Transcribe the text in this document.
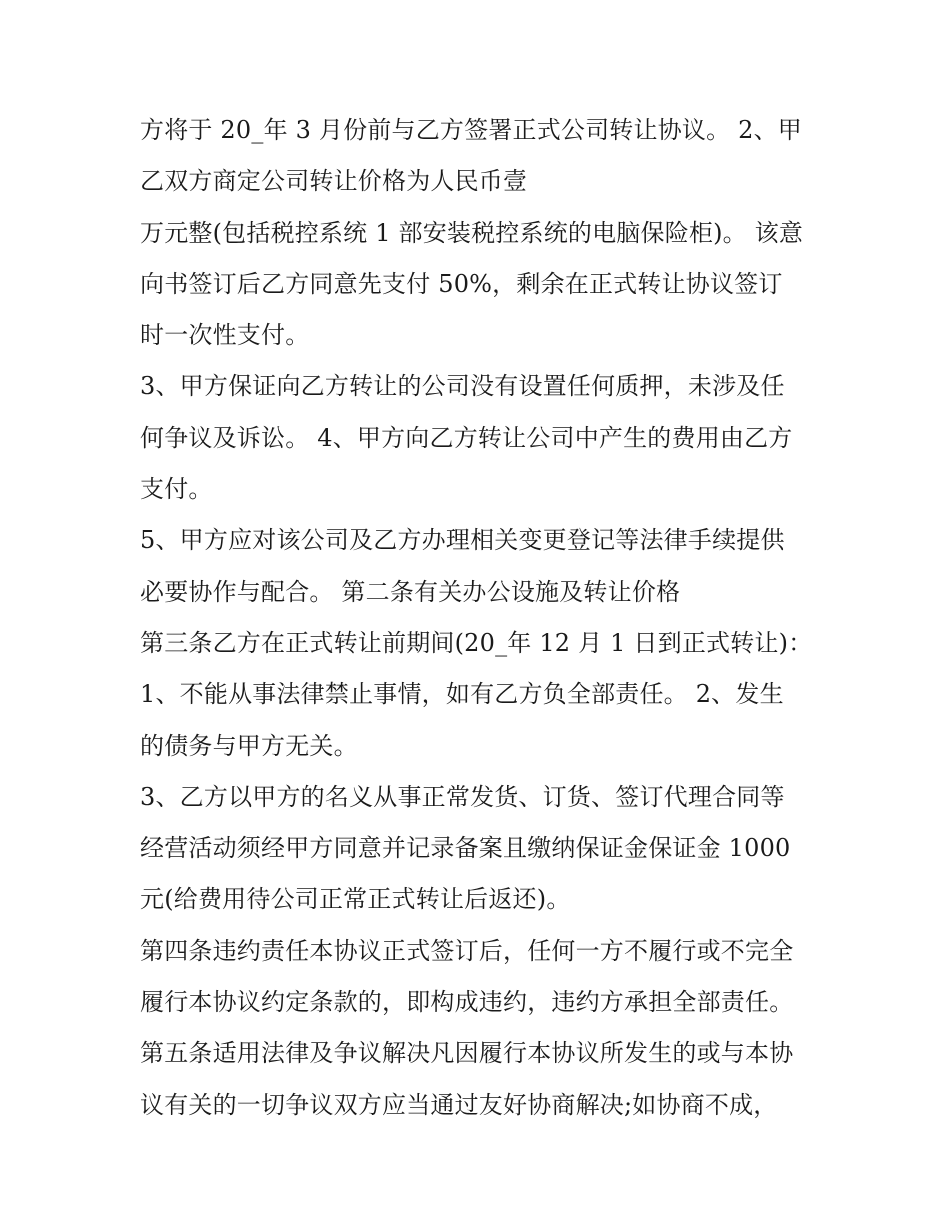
方将于 20_年 3 月份前与乙方签署正式公司转让协议。 2、甲
乙双方商定公司转让价格为人民币壹
万元整(包括税控系统 1 部安装税控系统的电脑保险柜)。 该意
向书签订后乙方同意先支付 50%，剩余在正式转让协议签订
时一次性支付。
3、甲方保证向乙方转让的公司没有设置任何质押，未涉及任
何争议及诉讼。 4、甲方向乙方转让公司中产生的费用由乙方
支付。
5、甲方应对该公司及乙方办理相关变更登记等法律手续提供
必要协作与配合。 第二条有关办公设施及转让价格
第三条乙方在正式转让前期间(20_年 12 月 1 日到正式转让)：
1、不能从事法律禁止事情，如有乙方负全部责任。 2、发生
的债务与甲方无关。
3、乙方以甲方的名义从事正常发货、订货、签订代理合同等
经营活动须经甲方同意并记录备案且缴纳保证金保证金 1000
元(给费用待公司正常正式转让后返还)。
第四条违约责任本协议正式签订后，任何一方不履行或不完全
履行本协议约定条款的，即构成违约，违约方承担全部责任。
第五条适用法律及争议解决凡因履行本协议所发生的或与本协
议有关的一切争议双方应当通过友好协商解决;如协商不成，
